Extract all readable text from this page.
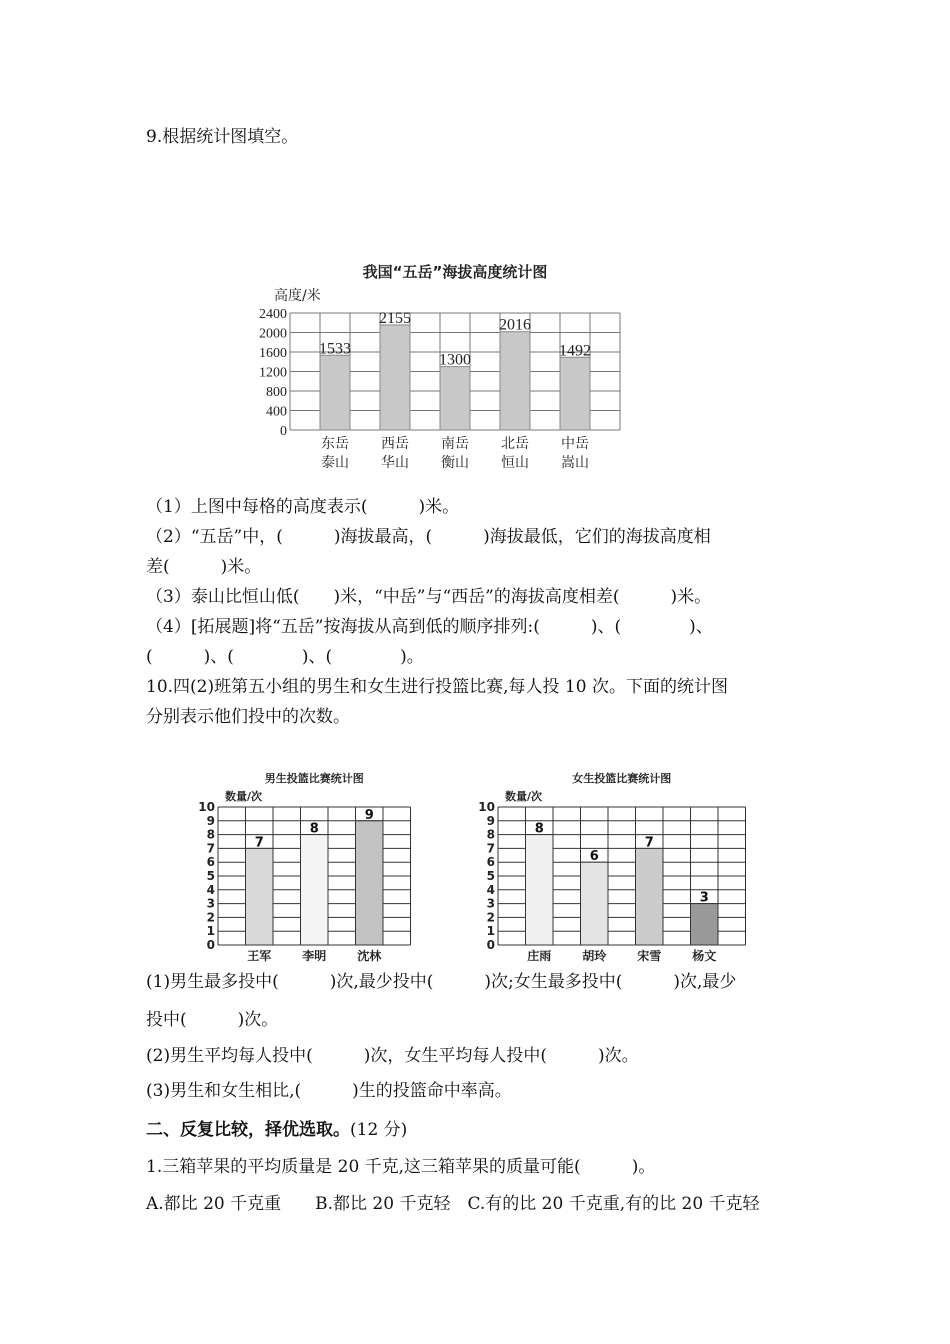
9.根据统计图填空。
我国“五岳”海拔高度统计图
高度/米
0
400
800
1200
1600
2000
2400
1533
东岳
泰山
2155
西岳
华山
1300
南岳
衡山
2016
北岳
恒山
1492
中岳
嵩山
（1）上图中每格的高度表示(　　　)米。
（2）“五岳”中，(　　　)海拔最高，(　　　)海拔最低，它们的海拔高度相
差(　　　)米。
（3）泰山比恒山低(　　)米，“中岳”与“西岳”的海拔高度相差(　　　)米。
（4）[拓展题]将“五岳”按海拔从高到低的顺序排列:(　　　)、(　　　　)、
(　　　)、(　　　　)、(　　　　)。
10.四(2)班第五小组的男生和女生进行投篮比赛,每人投 10 次。下面的统计图
分别表示他们投中的次数。
男生投篮比赛统计图
数量/次
0
1
2
3
4
5
6
7
8
9
10
7
王军
8
李明
9
沈林
女生投篮比赛统计图
数量/次
0
1
2
3
4
5
6
7
8
9
10
8
庄雨
6
胡玲
7
宋雪
3
杨文
(1)男生最多投中(　　　)次,最少投中(　　　)次;女生最多投中(　　　)次,最少
投中(　　　)次。
(2)男生平均每人投中(　　　)次，女生平均每人投中(　　　)次。
(3)男生和女生相比,(　　　)生的投篮命中率高。
二、反复比较，择优选取。(12 分)
1.三箱苹果的平均质量是 20 千克,这三箱苹果的质量可能(　　　)。
A.都比 20 千克重　　B.都比 20 千克轻　C.有的比 20 千克重,有的比 20 千克轻
